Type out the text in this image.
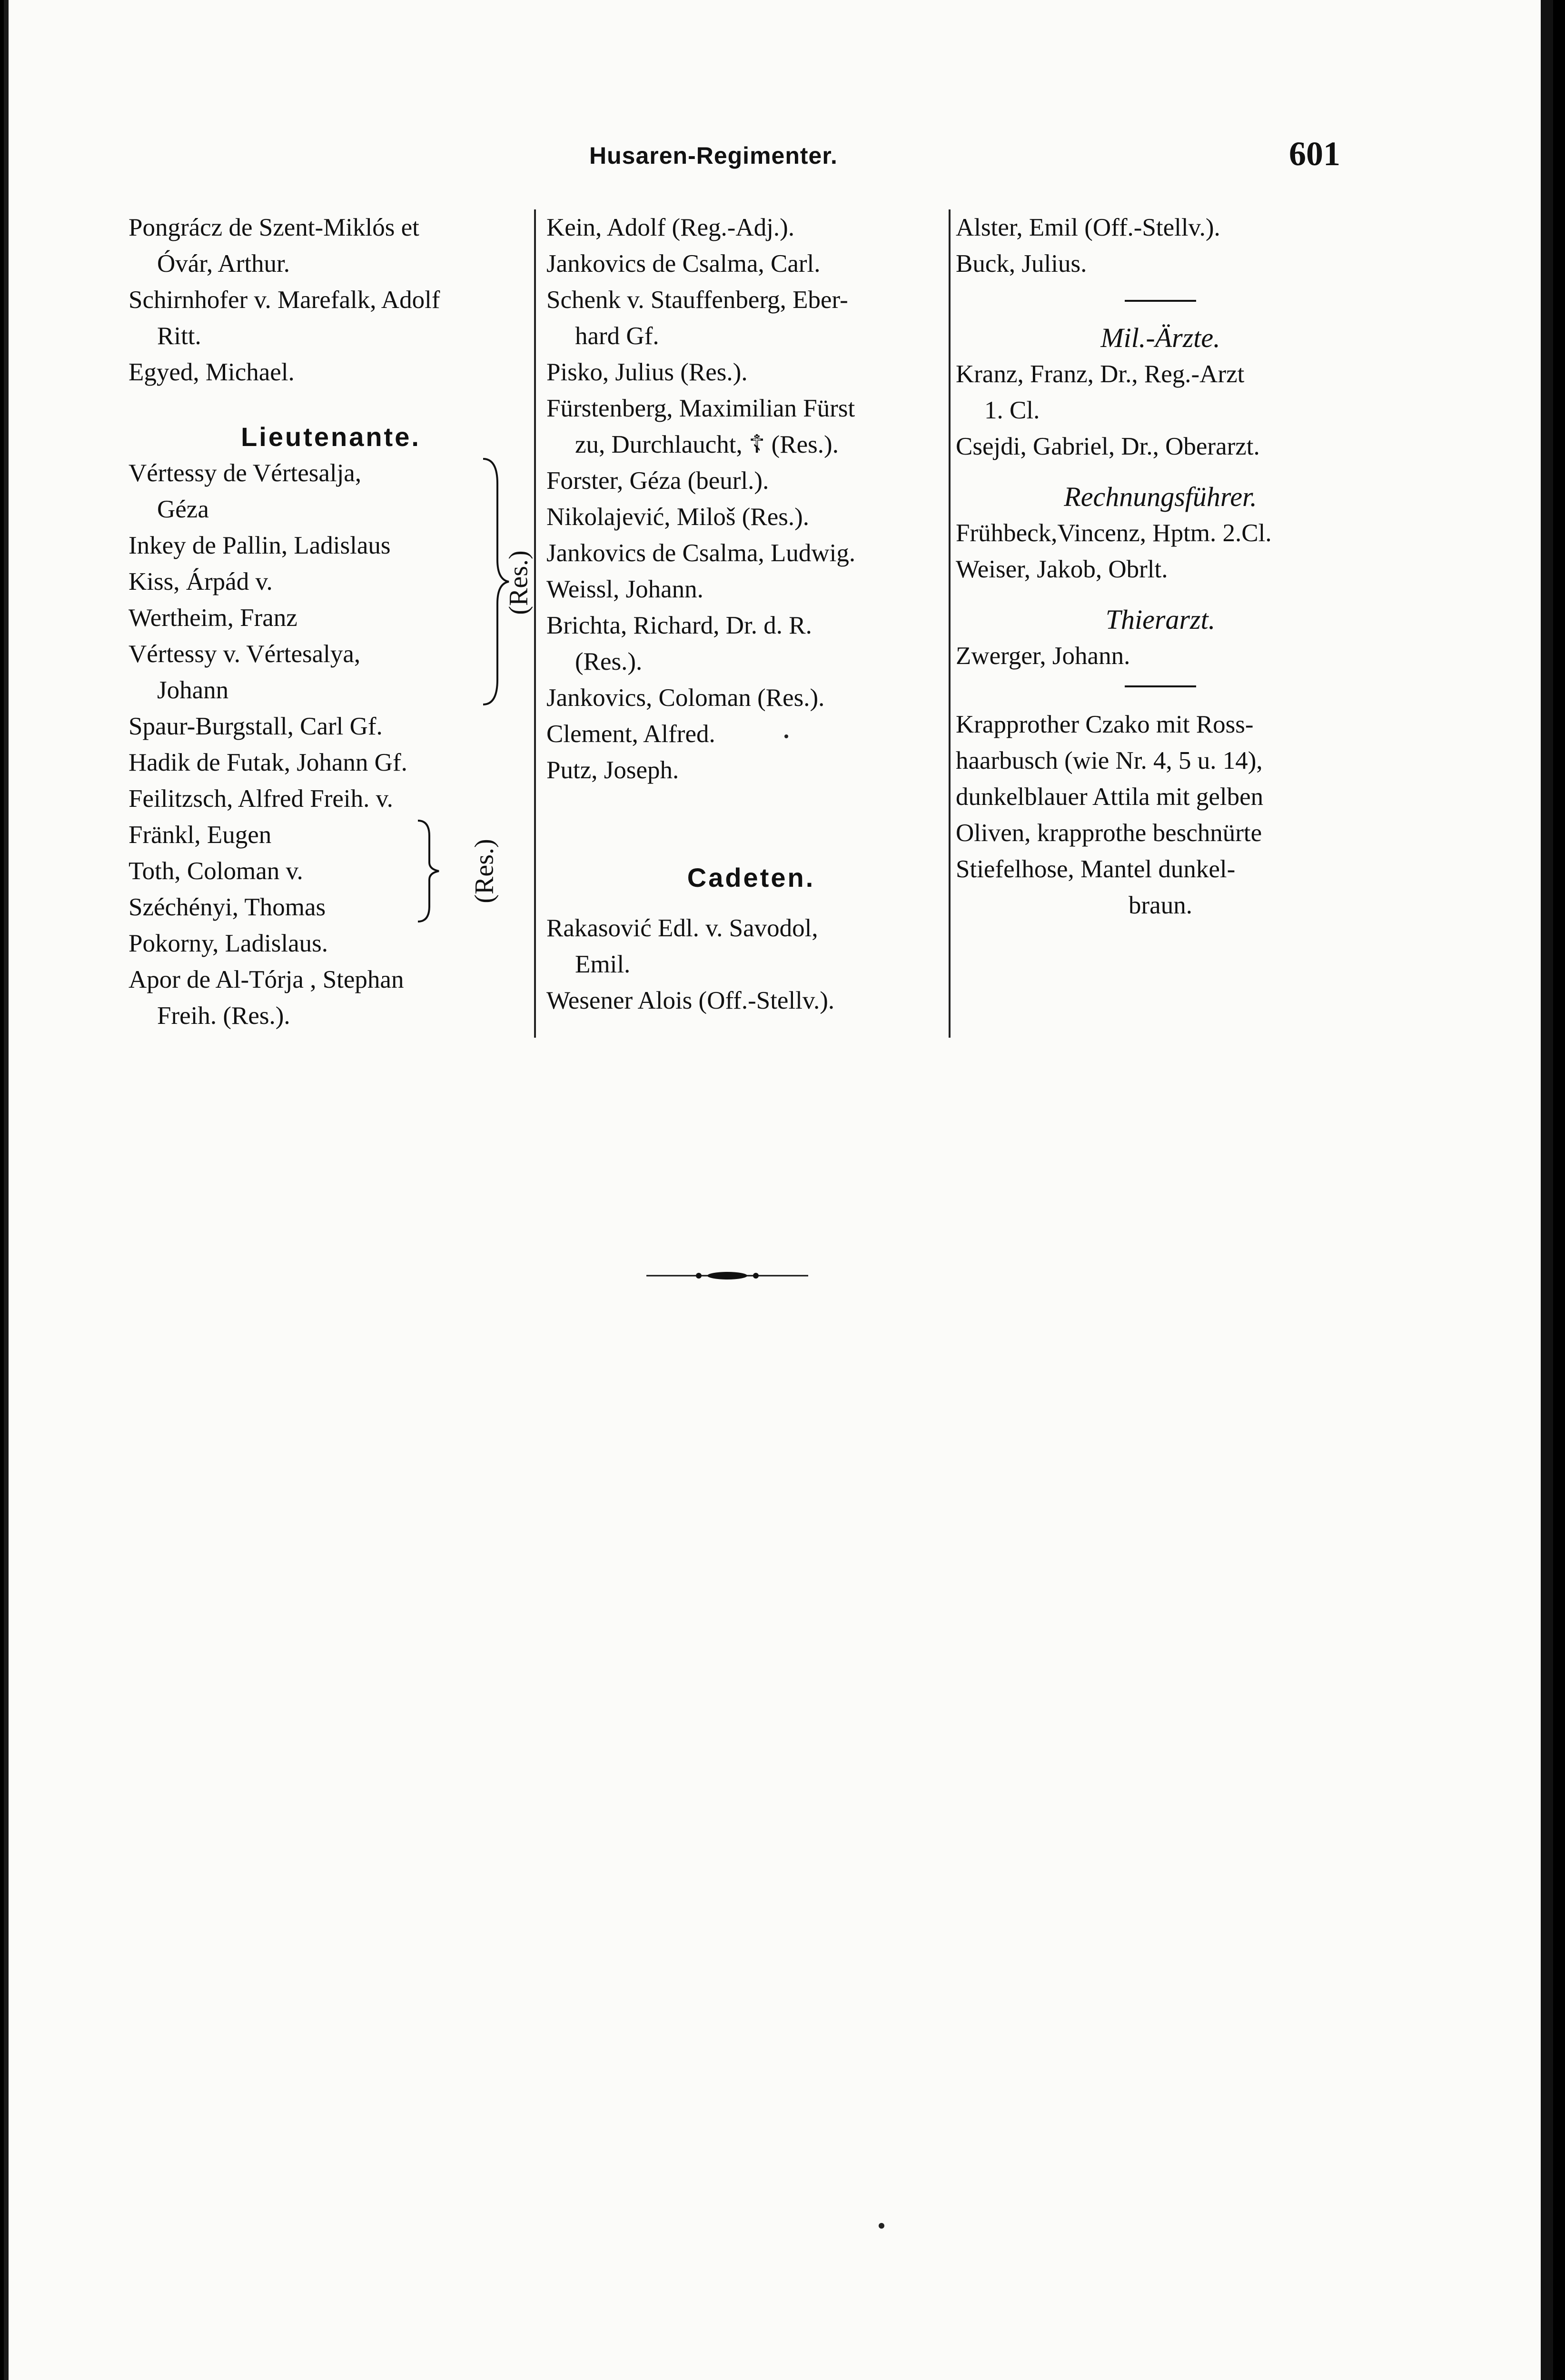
Husaren-Regimenter.	601
Pongrácz de Szent-Miklós et
Óvár, Arthur.
Schirnhofer v. Marefalk, Adolf
Ritt.
Egyed, Michael.
Lieutenante.
Vértessy de Vértesalja,
Géza
Inkey de Pallin, Ladislaus
Kiss, Árpád v.
Wertheim, Franz
Vértessy v. Vértesalya,
Johann
(Res.)
Spaur-Burgstall, Carl Gf.
Hadik de Futak, Johann Gf.
Feilitzsch, Alfred Freih. v.
Fränkl, Eugen
Toth, Coloman v.
Széchényi, Thomas
(Res.)
Pokorny, Ladislaus.
Apor de Al-Tórja , Stephan
Freih. (Res.).
Kein, Adolf (Reg.-Adj.).
Jankovics de Csalma, Carl.
Schenk v. Stauffenberg, Eber-
hard Gf.
Pisko, Julius (Res.).
Fürstenberg, Maximilian Fürst
zu, Durchlaucht, ☦ (Res.).
Forster, Géza (beurl.).
Nikolajević, Miloš (Res.).
Jankovics de Csalma, Ludwig.
Weissl, Johann.
Brichta, Richard, Dr. d. R.
(Res.).
Jankovics, Coloman (Res.).
Clement, Alfred.
Putz, Joseph.
Cadeten.
Rakasović Edl. v. Savodol,
Emil.
Wesener Alois (Off.-Stellv.).
Alster, Emil (Off.-Stellv.).
Buck, Julius.
Mil.-Ärzte.
Kranz, Franz, Dr., Reg.-Arzt
1. Cl.
Csejdi, Gabriel, Dr., Oberarzt.
Rechnungsführer.
Frühbeck,Vincenz, Hptm. 2.Cl.
Weiser, Jakob, Obrlt.
Thierarzt.
Zwerger, Johann.
Krapprother Czako mit Ross-
haarbusch (wie Nr. 4, 5 u. 14),
dunkelblauer Attila mit gelben
Oliven, krapprothe beschnürte
Stiefelhose, Mantel dunkel-
braun.
